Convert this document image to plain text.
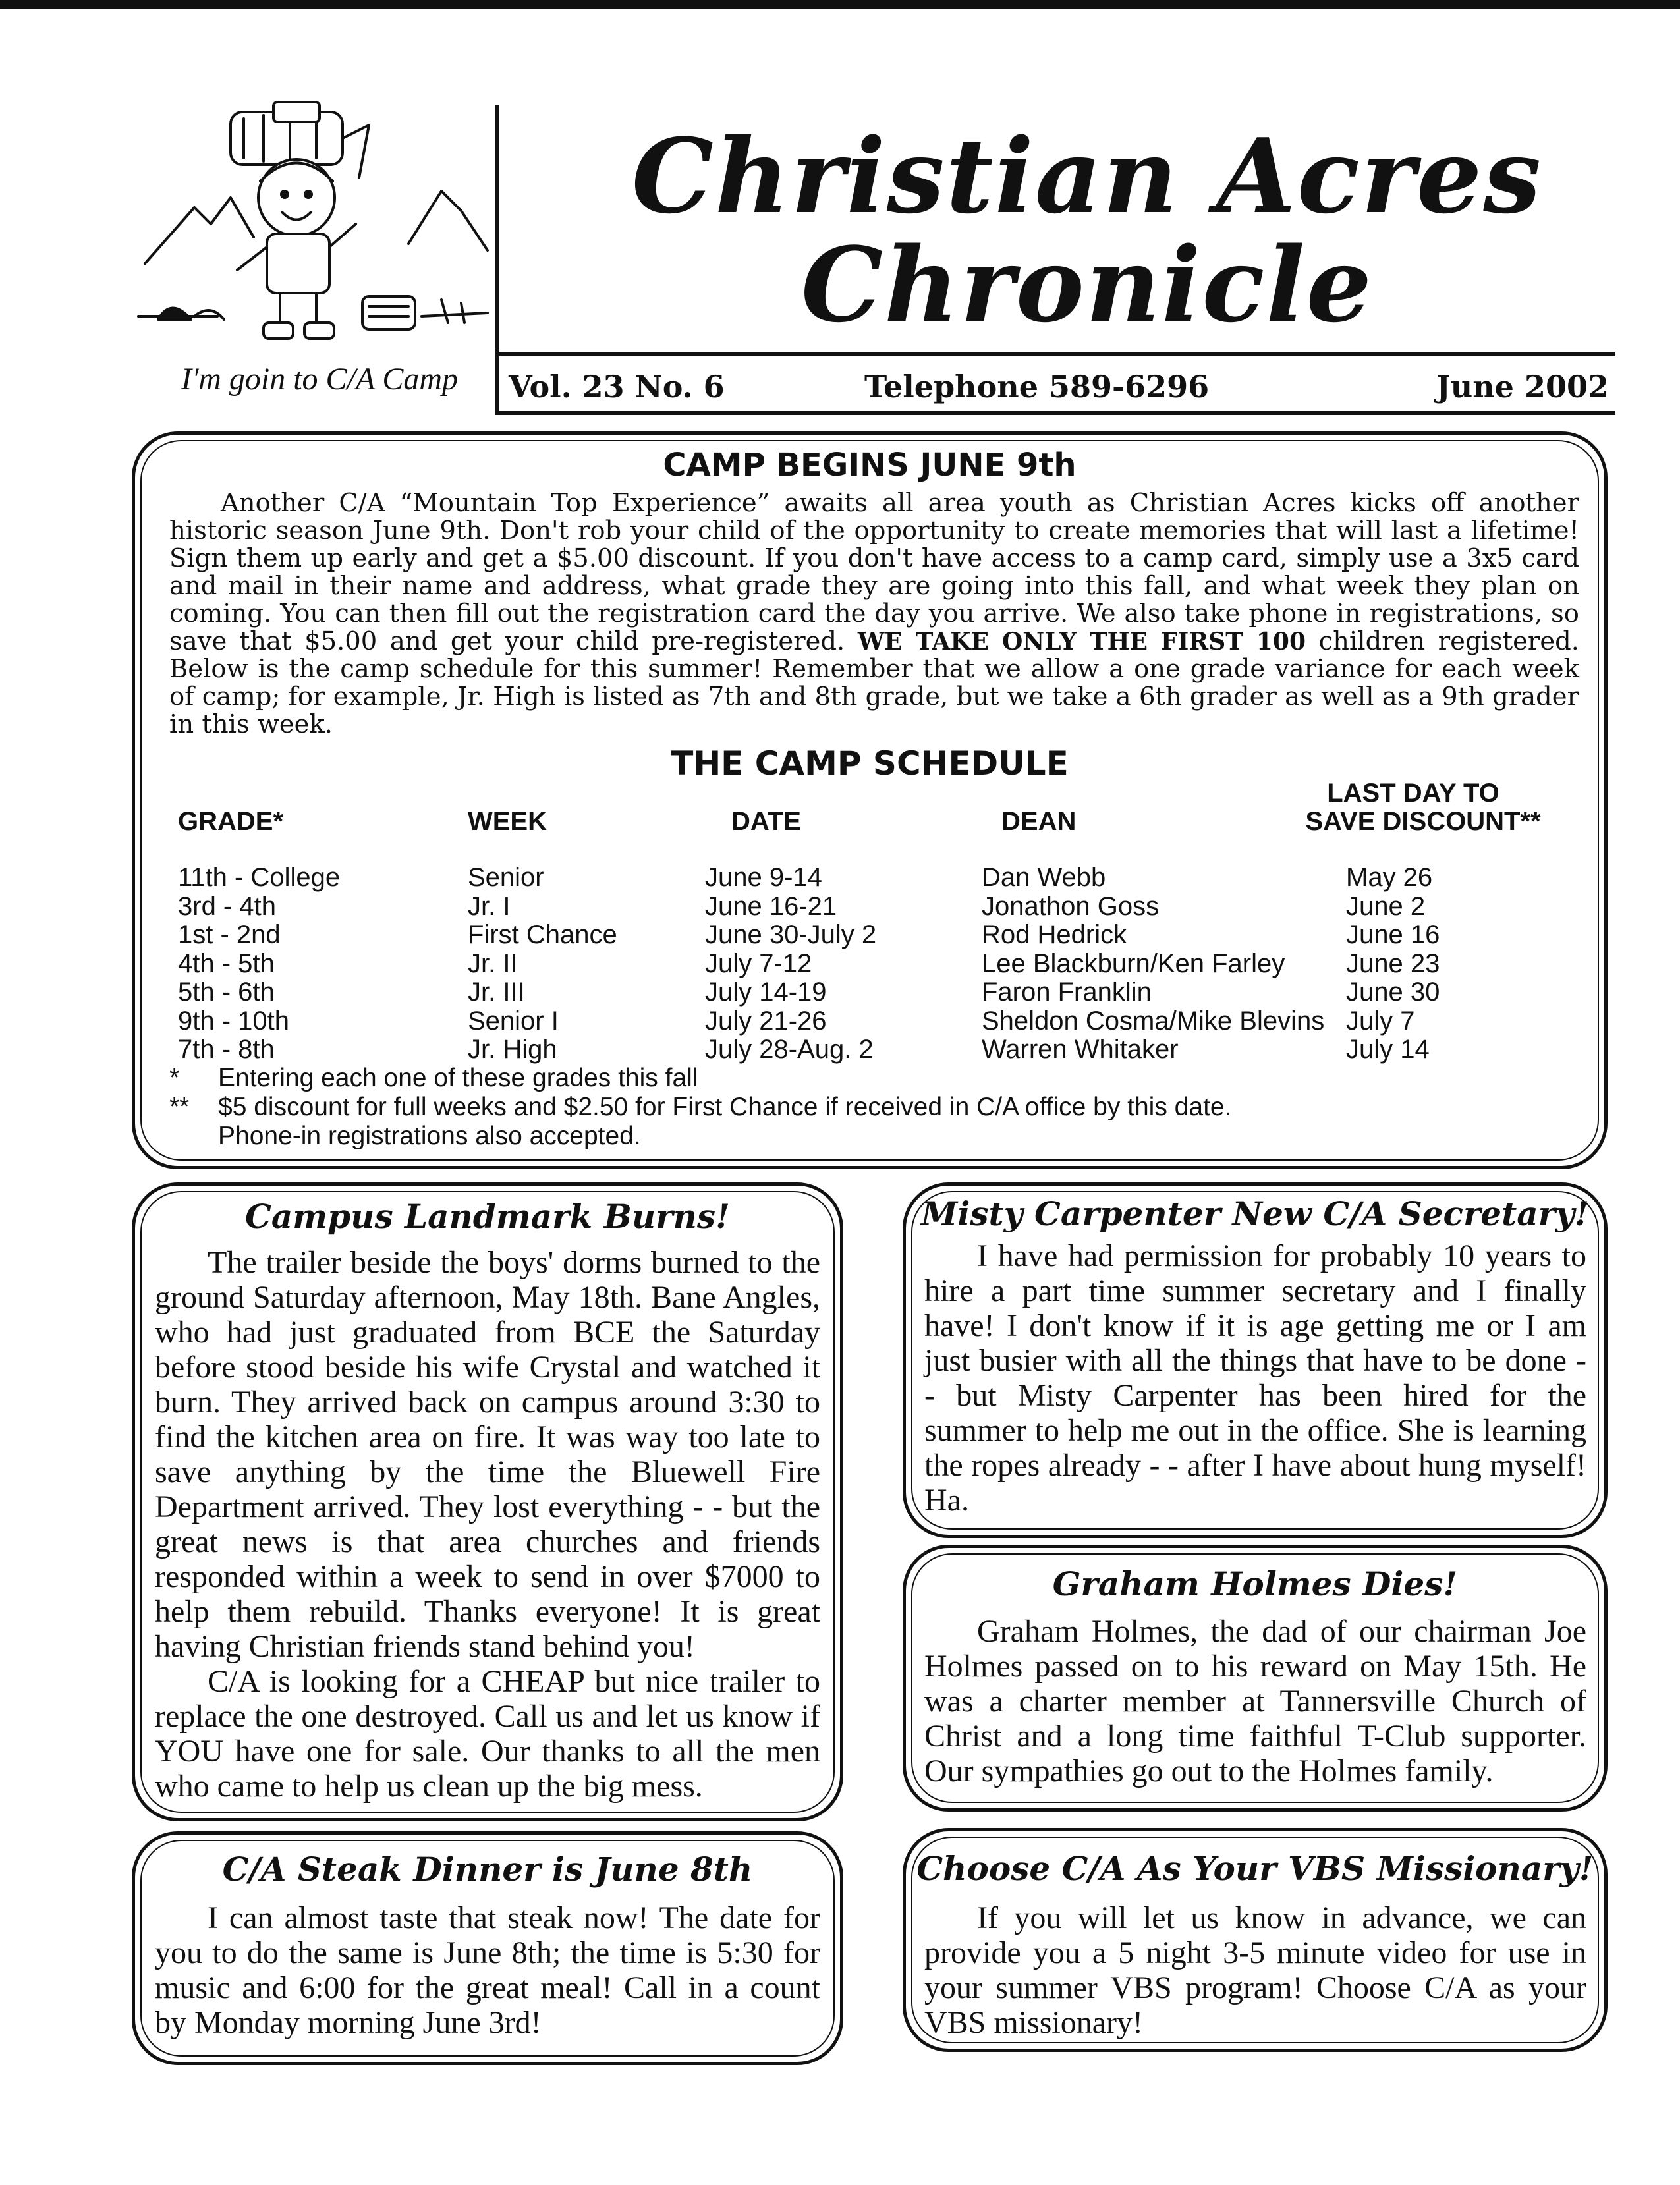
I'm goin to C/A Camp
Christian Acres
Chronicle
Vol. 23 No. 6	Telephone 589-6296	June 2002
CAMP BEGINS JUNE 9th

Another C/A “Mountain Top Experience” awaits all area youth as Christian Acres kicks off another historic season June 9th. Don't rob your child of the opportunity to create memories that will last a lifetime! Sign them up early and get a $5.00 discount. If you don't have access to a camp card, simply use a 3x5 card and mail in their name and address, what grade they are going into this fall, and what week they plan on coming. You can then fill out the registration card the day you arrive. We also take phone in registrations, so save that $5.00 and get your child pre-registered. WE TAKE ONLY THE FIRST 100 children registered. Below is the camp schedule for this summer! Remember that we allow a one grade variance for each week of camp; for example, Jr. High is listed as 7th and 8th grade, but we take a 6th grader as well as a 9th grader in this week.

THE CAMP SCHEDULE
GRADE*	WEEK	DATE	DEAN
LAST DAY TO
SAVE DISCOUNT**
11th - College	Senior	June 9-14	Dan Webb	May 26
3rd - 4th	Jr. I	June 16-21	Jonathon Goss	June 2
1st - 2nd	First Chance	June 30-July 2	Rod Hedrick	June 16
4th - 5th	Jr. II	July 7-12	Lee Blackburn/Ken Farley June 23
5th - 6th	Jr. III	July 14-19	Faron Franklin	June 30
9th - 10th	Senior I	July 21-26	Sheldon Cosma/Mike Blevins July 7
7th - 8th	Jr. High	July 28-Aug. 2	Warren Whitaker	July 14
* Entering each one of these grades this fall
** $5 discount for full weeks and $2.50 for First Chance if received in C/A office by this date.
Phone-in registrations also accepted.
Campus Landmark Burns!

The trailer beside the boys' dorms burned to the ground Saturday afternoon, May 18th. Bane Angles, who had just graduated from BCE the Saturday before stood beside his wife Crystal and watched it burn. They arrived back on campus around 3:30 to find the kitchen area on fire. It was way too late to save anything by the time the Bluewell Fire Department arrived. They lost everything - - but the great news is that area churches and friends responded within a week to send in over $7000 to help them rebuild. Thanks everyone! It is great having Christian friends stand behind you!

C/A is looking for a CHEAP but nice trailer to replace the one destroyed. Call us and let us know if YOU have one for sale. Our thanks to all the men who came to help us clean up the big mess.

C/A Steak Dinner is June 8th

I can almost taste that steak now! The date for you to do the same is June 8th; the time is 5:30 for music and 6:00 for the great meal! Call in a count by Monday morning June 3rd!

Misty Carpenter New C/A Secretary!

I have had permission for probably 10 years to hire a part time summer secretary and I finally have! I don't know if it is age getting me or I am just busier with all the things that have to be done - - but Misty Carpenter has been hired for the summer to help me out in the office. She is learning the ropes already - - after I have about hung myself! Ha.

Graham Holmes Dies!

Graham Holmes, the dad of our chairman Joe Holmes passed on to his reward on May 15th. He was a charter member at Tannersville Church of Christ and a long time faithful T-Club supporter. Our sympathies go out to the Holmes family.

Choose C/A As Your VBS Missionary!

If you will let us know in advance, we can provide you a 5 night 3-5 minute video for use in your summer VBS program! Choose C/A as your VBS missionary!
